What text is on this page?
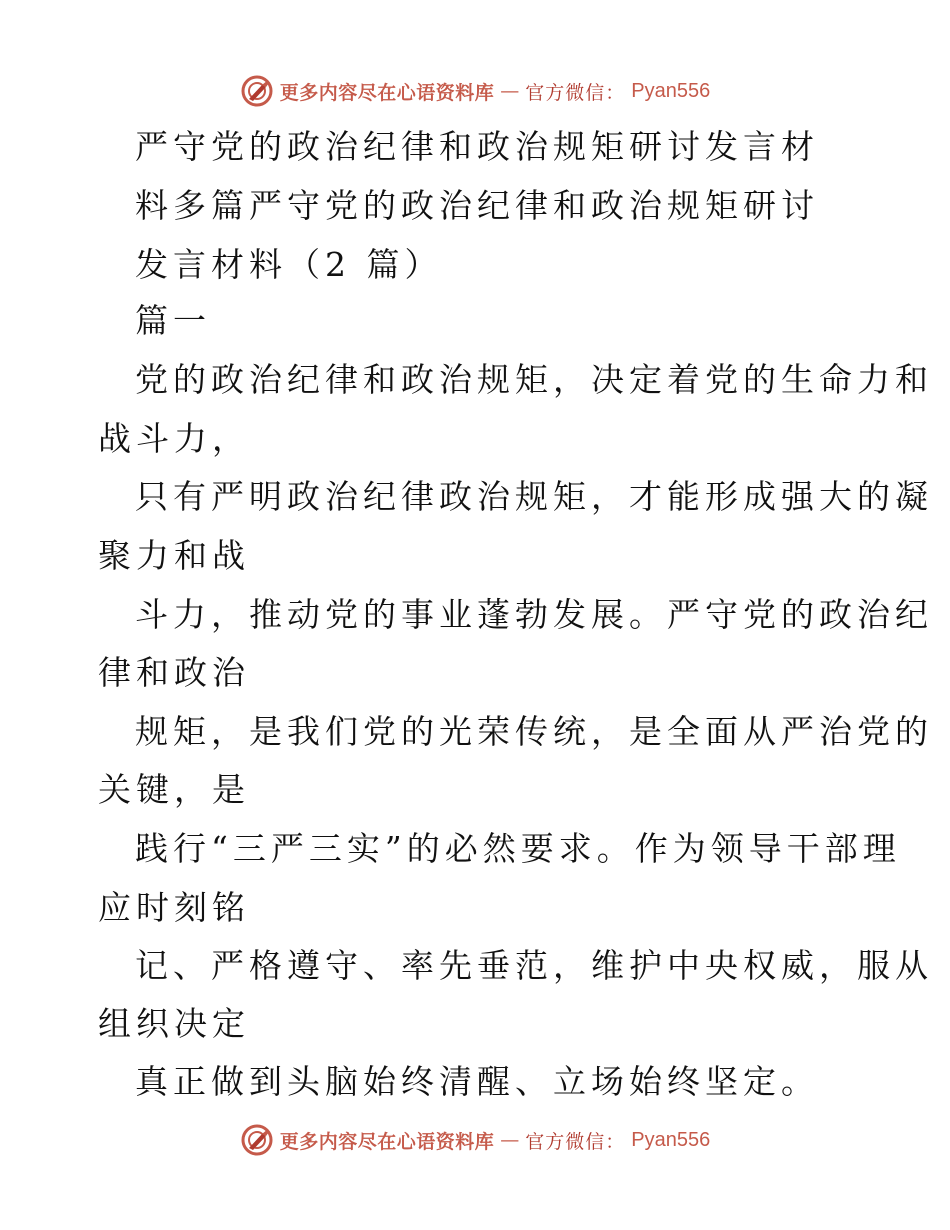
更多内容尽在心语资料库 — 官方微信： Pyan556
严守党的政治纪律和政治规矩研讨发言材
料多篇严守党的政治纪律和政治规矩研讨
发言材料（2 篇）
篇一
党的政治纪律和政治规矩，决定着党的生命力和
战斗力，
只有严明政治纪律政治规矩，才能形成强大的凝
聚力和战
斗力，推动党的事业蓬勃发展。严守党的政治纪
律和政治
规矩，是我们党的光荣传统，是全面从严治党的
关键，是
践行“三严三实”的必然要求。作为领导干部理
应时刻铭
记、严格遵守、率先垂范，维护中央权威，服从
组织决定
真正做到头脑始终清醒、立场始终坚定。
更多内容尽在心语资料库 — 官方微信： Pyan556
